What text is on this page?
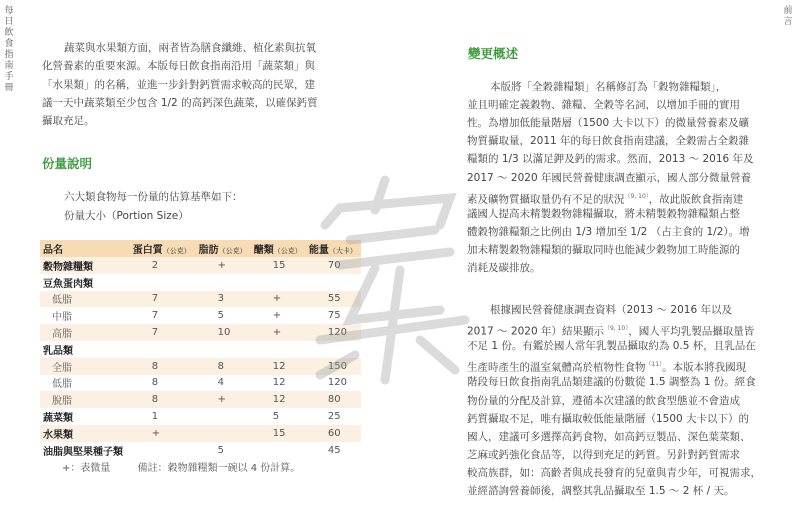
每日飲食指南手冊
前言
蔬菜與水果類方面，兩者皆為膳食纖維、植化素與抗氧
化營養素的重要來源。本版每日飲食指南沿用「蔬菜類」與
「水果類」的名稱，並進一步針對鈣質需求較高的民眾，建
議一天中蔬菜類至少包含 1/2 的高鈣深色蔬菜，以確保鈣質
攝取充足。
份量說明
六大類食物每一份量的估算基準如下：
份量大小（Portion Size）
品名	蛋白質（公克）	脂肪（公克）	醣類（公克）	能量（大卡）
穀物雜糧類	2	+	15	70
豆魚蛋肉類				
低脂	7	3	+	55
中脂	7	5	+	75
高脂	7	10	+	120
乳品類				
全脂	8	8	12	150
低脂	8	4	12	120
脫脂	8	+	12	80
蔬菜類	1		5	25
水果類	+		15	60
油脂與堅果種子類		5		45
+：表微量	備註：穀物雜糧類一碗以 4 份計算。
變更概述
本版將「全穀雜糧類」名稱修訂為「穀物雜糧類」，
並且明確定義穀物、雜糧、全穀等名詞，以增加手冊的實用
性。為增加低能量階層（1500 大卡以下）的微量營養素及礦
物質攝取量，2011 年的每日飲食指南建議，全穀需占全穀雜
糧類的 1/3 以滿足鉀及鈣的需求。然而，2013 ～ 2016 年及
2017 ～ 2020 年國民營養健康調查顯示，國人部分微量營養
素及礦物質攝取量仍有不足的狀況$^{(9, 10)}$，故此版飲食指南建
議國人提高未精製穀物雜糧攝取，將未精製穀物雜糧類占整
體穀物雜糧類之比例由 1/3 增加至 1/2 （占主食的 1/2）。增
加未精製穀物雜糧類的攝取同時也能減少穀物加工時能源的
消耗及碳排放。
根據國民營養健康調查資料（2013 ～ 2016 年以及
2017 ～ 2020 年）結果顯示$^{(9, 10)}$，國人平均乳製品攝取量皆
不足 1 份。有鑑於國人常年乳製品攝取約為 0.5 杯，且乳品在
生產時產生的溫室氣體高於植物性食物$^{(11)}$。本版本將我國現
階段每日飲食指南乳品類建議的份數從 1.5 調整為 1 份。經食
物份量的分配及計算，遵循本次建議的飲食型態並不會造成
鈣質攝取不足，唯有攝取較低能量階層（1500 大卡以下）的
國人，建議可多選擇高鈣食物，如高鈣豆製品、深色葉菜類、
芝麻或鈣強化食品等，以得到充足的鈣質。另針對鈣質需求
較高族群，如：高齡者與成長發育的兒童與青少年，可視需求，
並經諮詢營養師後，調整其乳品攝取至 1.5 ～ 2 杯 / 天。
